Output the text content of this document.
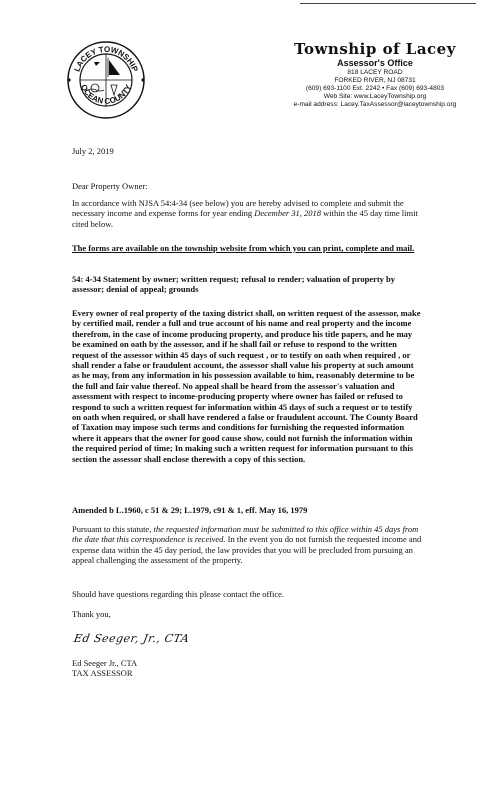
LACEY TOWNSHIP
OCEAN COUNTY
Township of Lacey
Assessor's Office
818 LACEY ROAD
FORKED RIVER, NJ 08731
(609) 693-1100 Ext. 2242 • Fax (609) 693-4803
Web Site: www.LaceyTownship.org
e-mail address: Lacey.TaxAssessor@laceytownship.org
July 2, 2019
Dear Property Owner:
In accordance with NJSA 54:4-34 (see below) you are hereby advised to complete and submit the necessary income and expense forms for year ending December 31, 2018 within the 45 day time limit cited below.
The forms are available on the township website from which you can print, complete and mail.
54: 4-34 Statement by owner; written request; refusal to render; valuation of property by assessor; denial of appeal; grounds
Every owner of real property of the taxing district shall, on written request of the assessor, make by certified mail, render a full and true account of his name and real property and the income therefrom, in the case of income producing property, and produce his title papers, and he may be examined on oath by the assessor, and if he shall fail or refuse to respond to the written request of the assessor within 45 days of such request , or to testify on oath when required , or shall render a false or fraudulent account, the assessor shall value his property at such amount as he may, from any information in his possession available to him, reasonably determine to be the full and fair value thereof. No appeal shall be heard from the assessor's valuation and assessment with respect to income-producing property where owner has failed or refused to respond to such a written request for information within 45 days of such a request or to testify on oath when required, or shall have rendered a false or fraudulent account. The County Board of Taxation may impose such terms and conditions for furnishing the requested information where it appears that the owner for good cause show, could not furnish the information within the required period of time; In making such a written request for information pursuant to this section the assessor shall enclose therewith a copy of this section.
Amended b L.1960, c 51 & 29; L.1979, c91 & 1, eff. May 16, 1979
Pursuant to this statute, the requested information must be submitted to this office within 45 days from the date that this correspondence is received. In the event you do not furnish the requested income and expense data within the 45 day period, the law provides that you will be precluded from pursuing an appeal challenging the assessment of the property.
Should have questions regarding this please contact the office.
Thank you,
Ed Seeger, Jr., CTA
Ed Seeger Jr., CTA
TAX ASSESSOR
